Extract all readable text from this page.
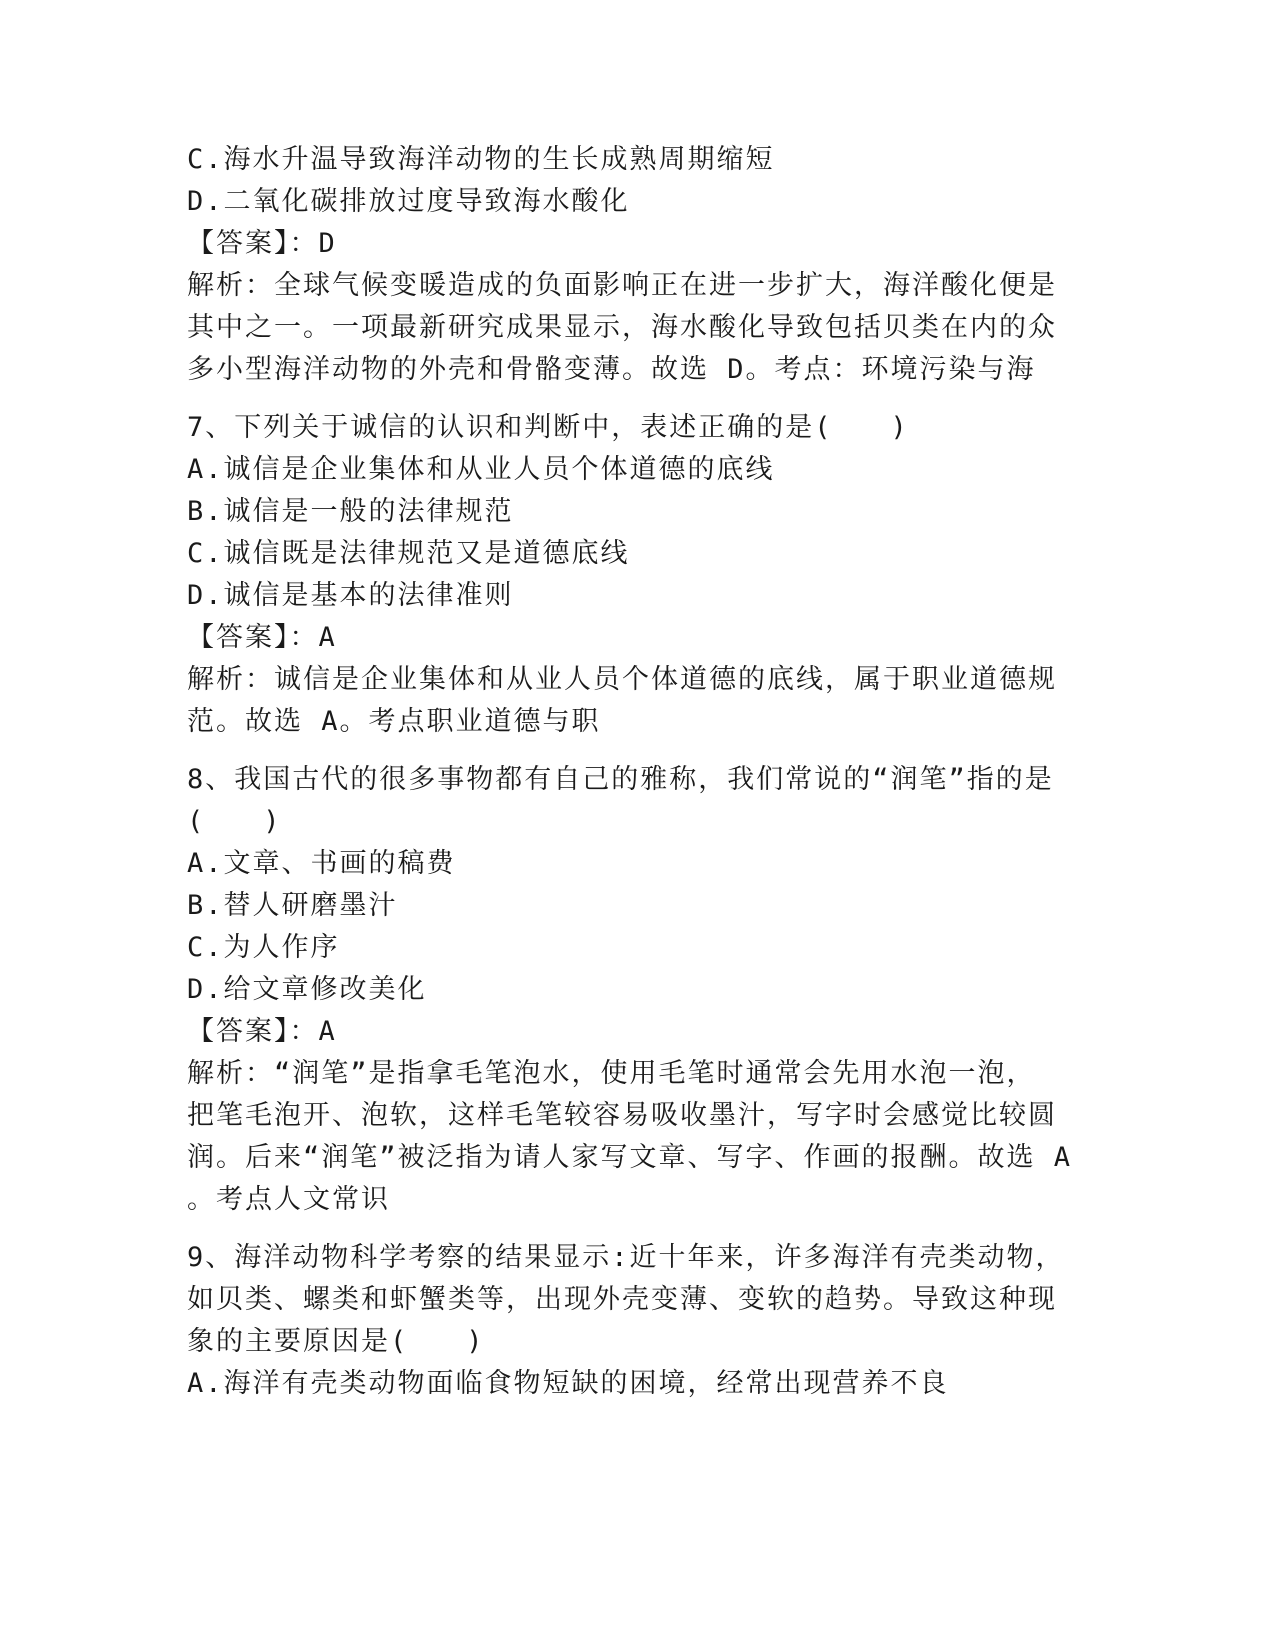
C.海水升温导致海洋动物的生长成熟周期缩短
D.二氧化碳排放过度导致海水酸化
【答案】：D
解析：全球气候变暖造成的负面影响正在进一步扩大，海洋酸化便是
其中之一。一项最新研究成果显示，海水酸化导致包括贝类在内的众
多小型海洋动物的外壳和骨骼变薄。故选 D。考点：环境污染与海
7、下列关于诚信的认识和判断中，表述正确的是(　　)
A.诚信是企业集体和从业人员个体道德的底线
B.诚信是一般的法律规范
C.诚信既是法律规范又是道德底线
D.诚信是基本的法律准则
【答案】：A
解析：诚信是企业集体和从业人员个体道德的底线，属于职业道德规
范。故选 A。考点职业道德与职
8、我国古代的很多事物都有自己的雅称，我们常说的“润笔”指的是
(　　)
A.文章、书画的稿费
B.替人研磨墨汁
C.为人作序
D.给文章修改美化
【答案】：A
解析：“润笔”是指拿毛笔泡水，使用毛笔时通常会先用水泡一泡，
把笔毛泡开、泡软，这样毛笔较容易吸收墨汁，写字时会感觉比较圆
润。后来“润笔”被泛指为请人家写文章、写字、作画的报酬。故选 A
。考点人文常识
9、海洋动物科学考察的结果显示:近十年来，许多海洋有壳类动物，
如贝类、螺类和虾蟹类等，出现外壳变薄、变软的趋势。导致这种现
象的主要原因是(　　)
A.海洋有壳类动物面临食物短缺的困境，经常出现营养不良
